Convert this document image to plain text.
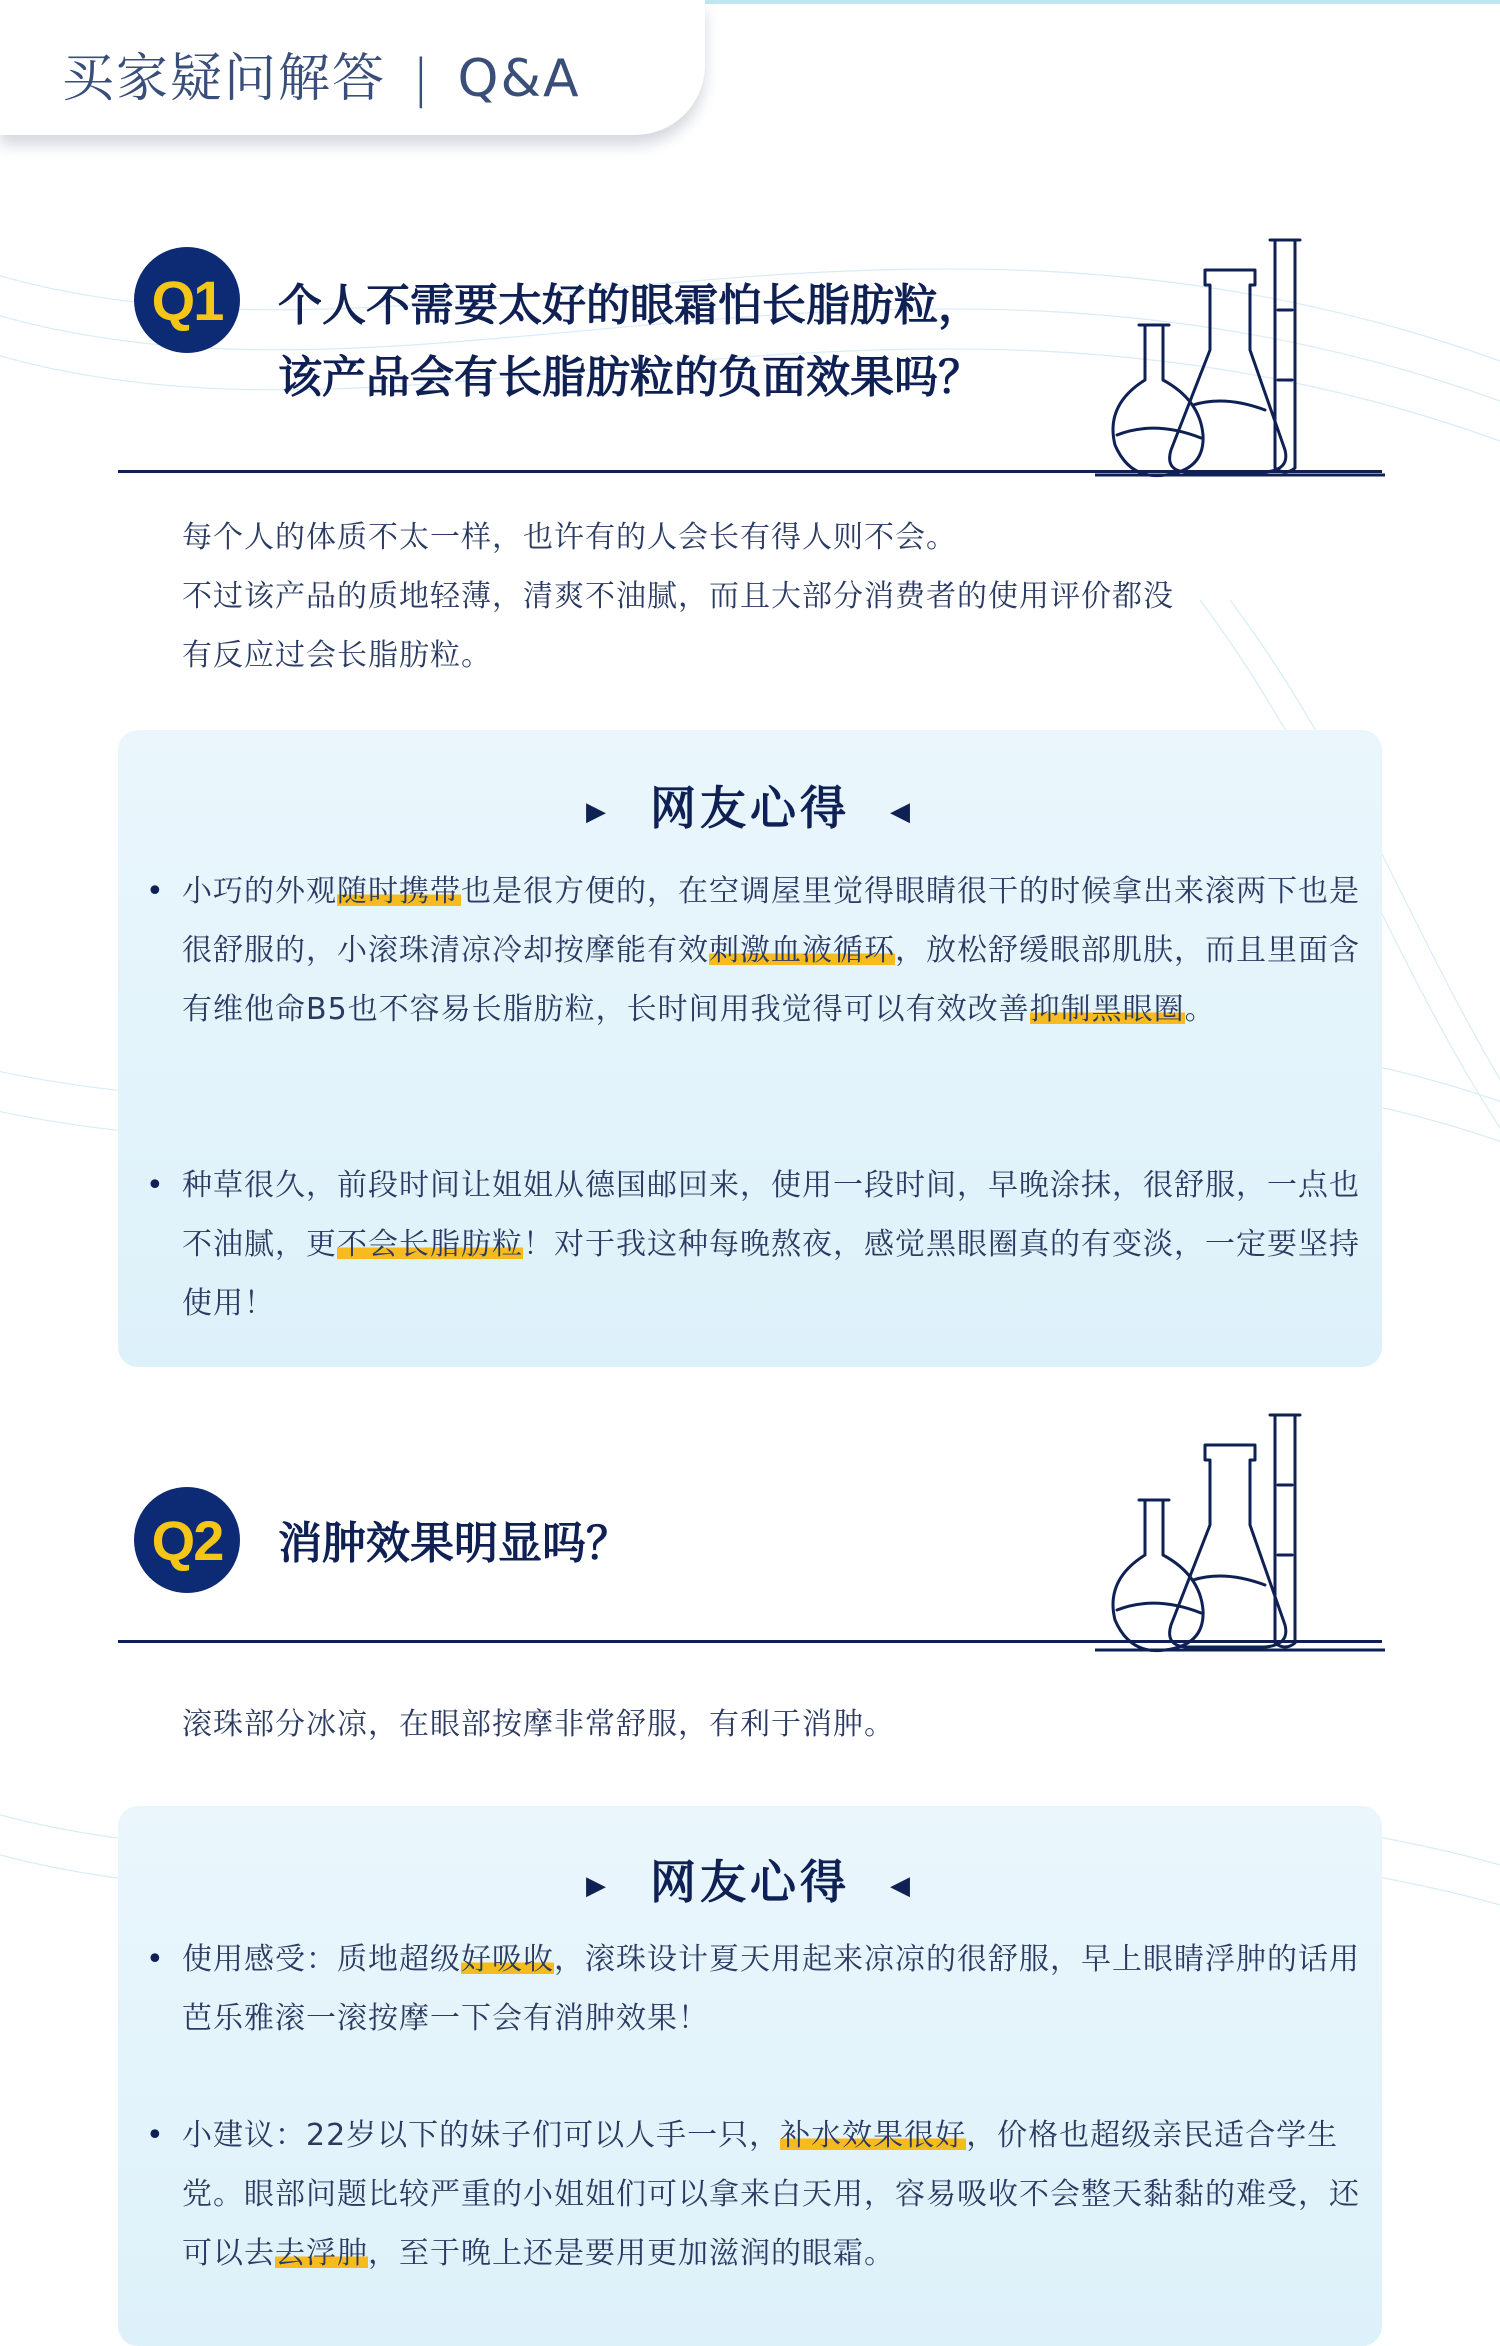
买家疑问解答 | Q&A
Q1	个人不需要太好的眼霜怕长脂肪粒，
该产品会有长脂肪粒的负面效果吗？

每个人的体质不太一样，也许有的人会长有得人则不会。

不过该产品的质地轻薄，清爽不油腻，而且大部分消费者的使用评价都没

有反应过会长脂肪粒。

▶ 网友心得 ◀
• 小巧的外观随时携带也是很方便的，在空调屋里觉得眼睛很干的时候拿出来滚两下也是很舒服的，小滚珠清凉冷却按摩能有效刺激血液循环，放松舒缓眼部肌肤，而且里面含有维他命B5也不容易长脂肪粒，长时间用我觉得可以有效改善抑制黑眼圈。
• 种草很久，前段时间让姐姐从德国邮回来，使用一段时间，早晚涂抹，很舒服，一点也不油腻，更不会长脂肪粒！对于我这种每晚熬夜，感觉黑眼圈真的有变淡，一定要坚持使用！
Q2	消肿效果明显吗？

滚珠部分冰凉，在眼部按摩非常舒服，有利于消肿。

▶ 网友心得 ◀
• 使用感受：质地超级好吸收，滚珠设计夏天用起来凉凉的很舒服，早上眼睛浮肿的话用芭乐雅滚一滚按摩一下会有消肿效果！
• 小建议：22岁以下的妹子们可以人手一只，补水效果很好，价格也超级亲民适合学生党。眼部问题比较严重的小姐姐们可以拿来白天用，容易吸收不会整天黏黏的难受，还可以去去浮肿，至于晚上还是要用更加滋润的眼霜。
